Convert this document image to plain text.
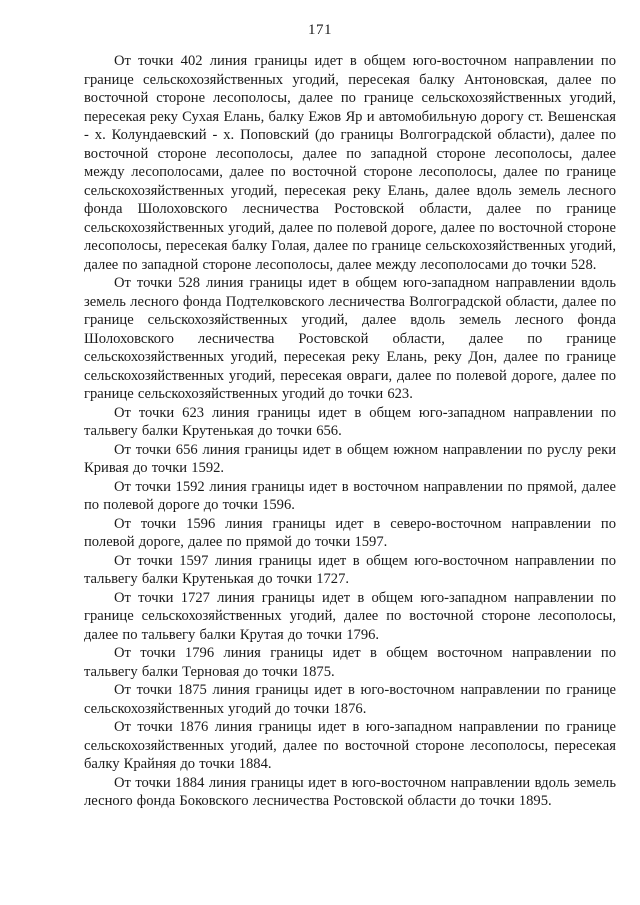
171

От точки 402 линия границы идет в общем юго-восточном направлении по границе сельскохозяйственных угодий, пересекая балку Антоновская, далее по восточной стороне лесополосы, далее по границе сельскохозяйственных угодий, пересекая реку Сухая Елань, балку Ежов Яр и автомобильную дорогу ст. Вешенская - х. Колундаевский - х. Поповский (до границы Волгоградской области), далее по восточной стороне лесополосы, далее по западной стороне лесополосы, далее между лесополосами, далее по восточной стороне лесополосы, далее по границе сельскохозяйственных угодий, пересекая реку Елань, далее вдоль земель лесного фонда Шолоховского лесничества Ростовской области, далее по границе сельскохозяйственных угодий, далее по полевой дороге, далее по восточной стороне лесополосы, пересекая балку Голая, далее по границе сельскохозяйственных угодий, далее по западной стороне лесополосы, далее между лесополосами до точки 528.

От точки 528 линия границы идет в общем юго-западном направлении вдоль земель лесного фонда Подтелковского лесничества Волгоградской области, далее по границе сельскохозяйственных угодий, далее вдоль земель лесного фонда Шолоховского лесничества Ростовской области, далее по границе сельскохозяйственных угодий, пересекая реку Елань, реку Дон, далее по границе сельскохозяйственных угодий, пересекая овраги, далее по полевой дороге, далее по границе сельскохозяйственных угодий до точки 623.

От точки 623 линия границы идет в общем юго-западном направлении по тальвегу балки Крутенькая до точки 656.

От точки 656 линия границы идет в общем южном направлении по руслу реки Кривая до точки 1592.

От точки 1592 линия границы идет в восточном направлении по прямой, далее по полевой дороге до точки 1596.

От точки 1596 линия границы идет в северо-восточном направлении по полевой дороге, далее по прямой до точки 1597.

От точки 1597 линия границы идет в общем юго-восточном направлении по тальвегу балки Крутенькая до точки 1727.

От точки 1727 линия границы идет в общем юго-западном направлении по границе сельскохозяйственных угодий, далее по восточной стороне лесополосы, далее по тальвегу балки Крутая до точки 1796.

От точки 1796 линия границы идет в общем восточном направлении по тальвегу балки Терновая до точки 1875.

От точки 1875 линия границы идет в юго-восточном направлении по границе сельскохозяйственных угодий до точки 1876.

От точки 1876 линия границы идет в юго-западном направлении по границе сельскохозяйственных угодий, далее по восточной стороне лесополосы, пересекая балку Крайняя до точки 1884.

От точки 1884 линия границы идет в юго-восточном направлении вдоль земель лесного фонда Боковского лесничества Ростовской области до точки 1895.
